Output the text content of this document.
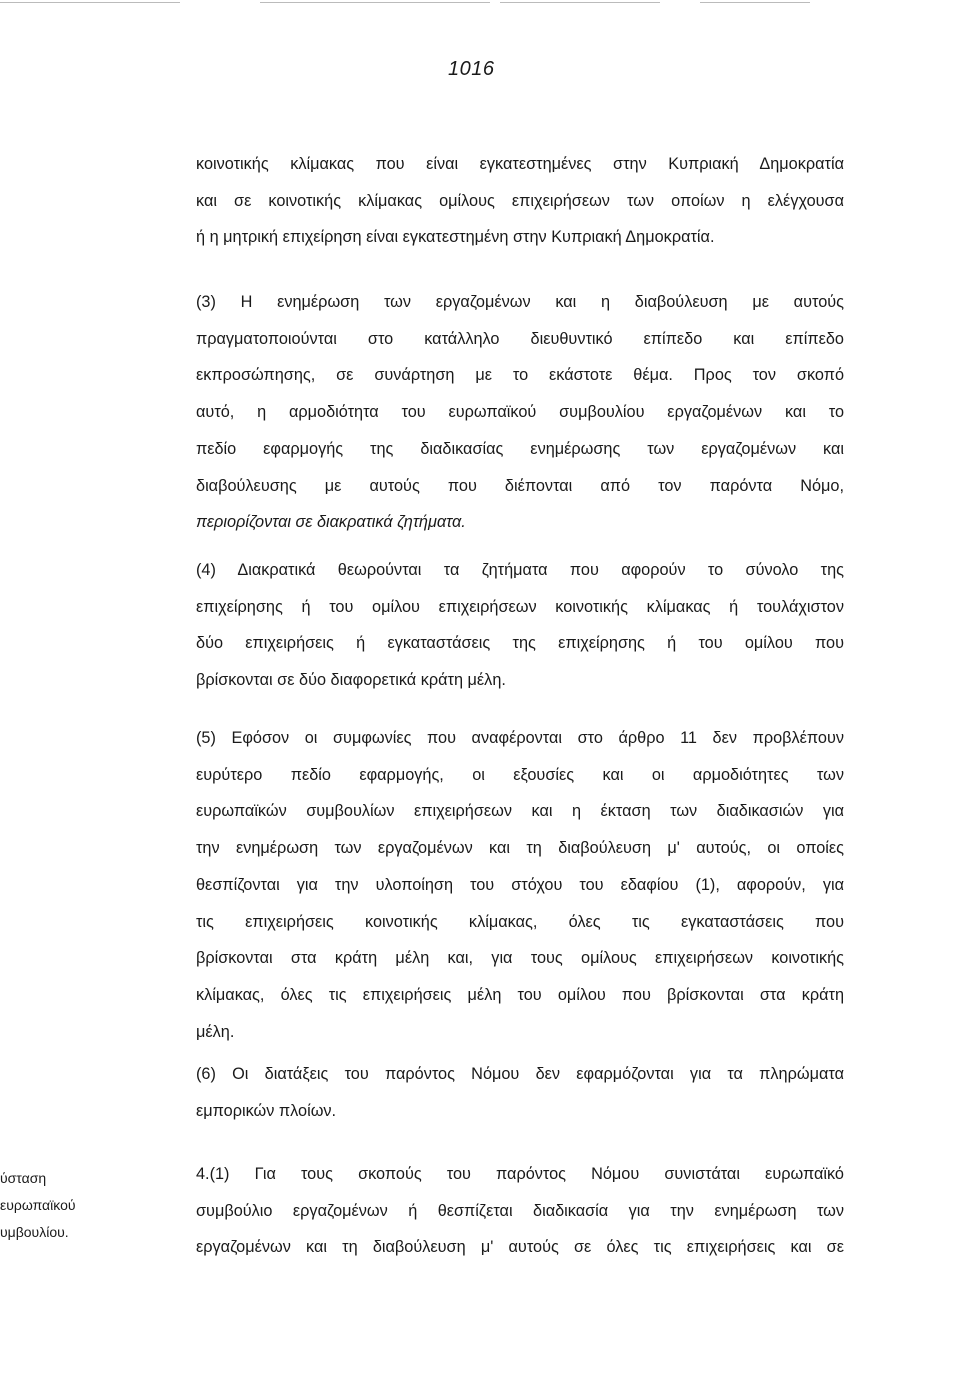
1016
κοινοτικής κλίμακας που είναι εγκατεστημένες στην Κυπριακή Δημοκρατία
και σε κοινοτικής κλίμακας ομίλους επιχειρήσεων των οποίων η ελέγχουσα
ή η μητρική επιχείρηση είναι εγκατεστημένη στην Κυπριακή Δημοκρατία.
(3) Η ενημέρωση των εργαζομένων και η διαβούλευση με αυτούς
πραγματοποιούνται στο κατάλληλο διευθυντικό επίπεδο και επίπεδο
εκπροσώπησης, σε συνάρτηση με το εκάστοτε θέμα. Προς τον σκοπό
αυτό, η αρμοδιότητα του ευρωπαϊκού συμβουλίου εργαζομένων και το
πεδίο εφαρμογής της διαδικασίας ενημέρωσης των εργαζομένων και
διαβούλευσης με αυτούς που διέπονται από τον παρόντα Νόμο,
περιορίζονται σε διακρατικά ζητήματα.
(4) Διακρατικά θεωρούνται τα ζητήματα που αφορούν το σύνολο της
επιχείρησης ή του ομίλου επιχειρήσεων κοινοτικής κλίμακας ή τουλάχιστον
δύο επιχειρήσεις ή εγκαταστάσεις της επιχείρησης ή του ομίλου που
βρίσκονται σε δύο διαφορετικά κράτη μέλη.
(5) Εφόσον οι συμφωνίες που αναφέρονται στο άρθρο 11 δεν προβλέπουν
ευρύτερο πεδίο εφαρμογής, οι εξουσίες και οι αρμοδιότητες των
ευρωπαϊκών συμβουλίων επιχειρήσεων και η έκταση των διαδικασιών για
την ενημέρωση των εργαζομένων και τη διαβούλευση μ' αυτούς, οι οποίες
θεσπίζονται για την υλοποίηση του στόχου του εδαφίου (1), αφορούν, για
τις επιχειρήσεις κοινοτικής κλίμακας, όλες τις εγκαταστάσεις που
βρίσκονται στα κράτη μέλη και, για τους ομίλους επιχειρήσεων κοινοτικής
κλίμακας, όλες τις επιχειρήσεις μέλη του ομίλου που βρίσκονται στα κράτη
μέλη.
(6) Οι διατάξεις του παρόντος Νόμου δεν εφαρμόζονται για τα πληρώματα
εμπορικών πλοίων.
4.(1) Για τους σκοπούς του παρόντος Νόμου συνιστάται ευρωπαϊκό
συμβούλιο εργαζομένων ή θεσπίζεται διαδικασία για την ενημέρωση των
εργαζομένων και τη διαβούλευση μ' αυτούς σε όλες τις επιχειρήσεις και σε
ύσταση
ευρωπαϊκού
υμβουλίου.
